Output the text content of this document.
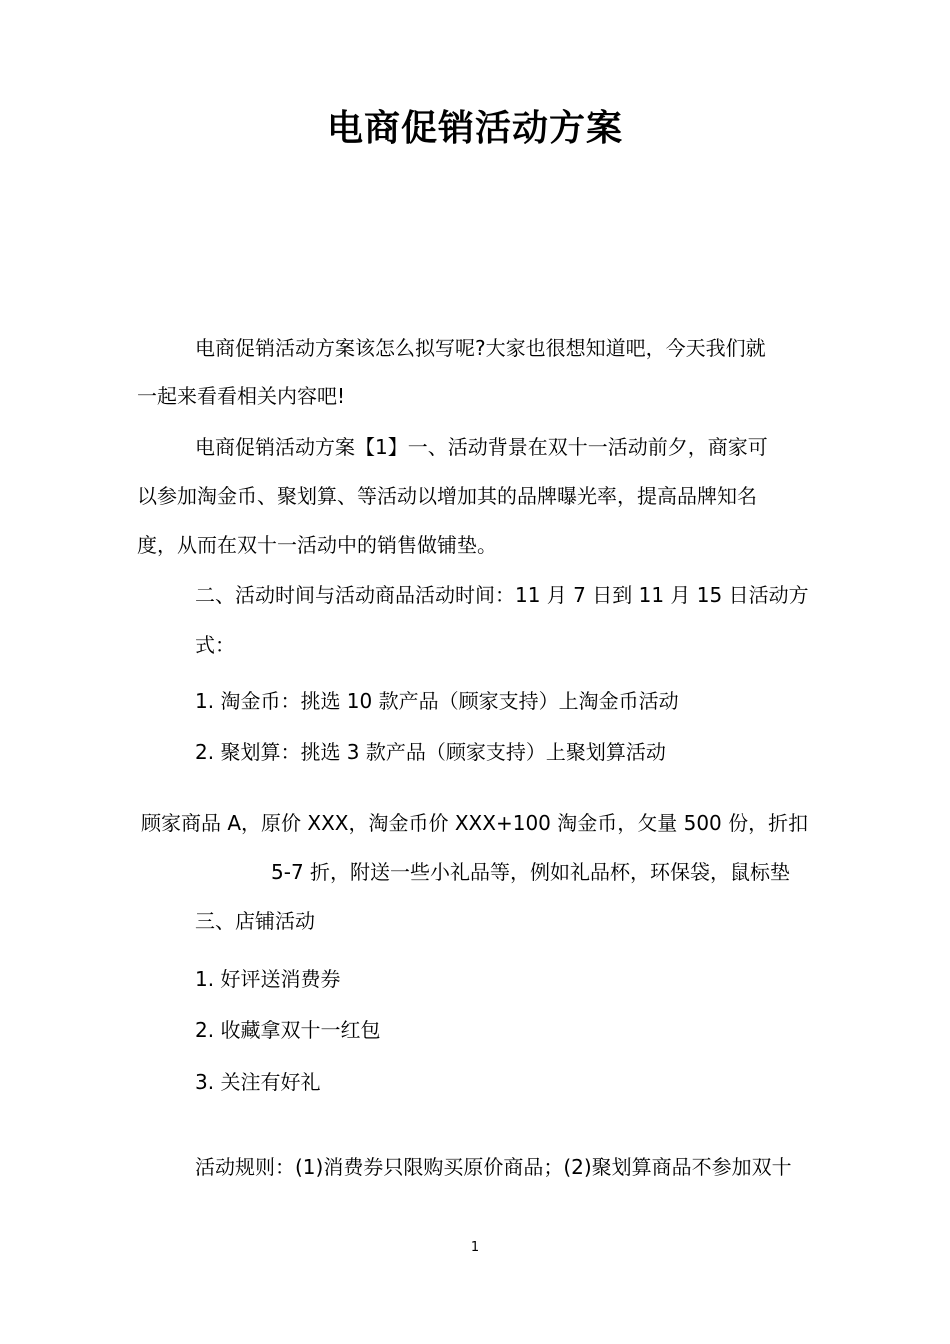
电商促销活动方案
电商促销活动方案该怎么拟写呢?大家也很想知道吧，今天我们就
一起来看看相关内容吧!
电商促销活动方案【1】一、活动背景在双十一活动前夕，商家可
以参加淘金币、聚划算、等活动以增加其的品牌曝光率，提高品牌知名
度，从而在双十一活动中的销售做铺垫。
二、活动时间与活动商品活动时间：11 月 7 日到 11 月 15 日活动方
式：
1. 淘金币：挑选 10 款产品（顾家支持）上淘金币活动
2. 聚划算：挑选 3 款产品（顾家支持）上聚划算活动
顾家商品 A，原价 XXX，淘金币价 XXX+100 淘金币，攵量 500 份，折扣
5-7 折，附送一些小礼品等，例如礼品杯，环保袋，鼠标垫
三、店铺活动
1. 好评送消费券
2. 收藏拿双十一红包
3. 关注有好礼
活动规则：(1)消费券只限购买原价商品；(2)聚划算商品不参加双十
1
